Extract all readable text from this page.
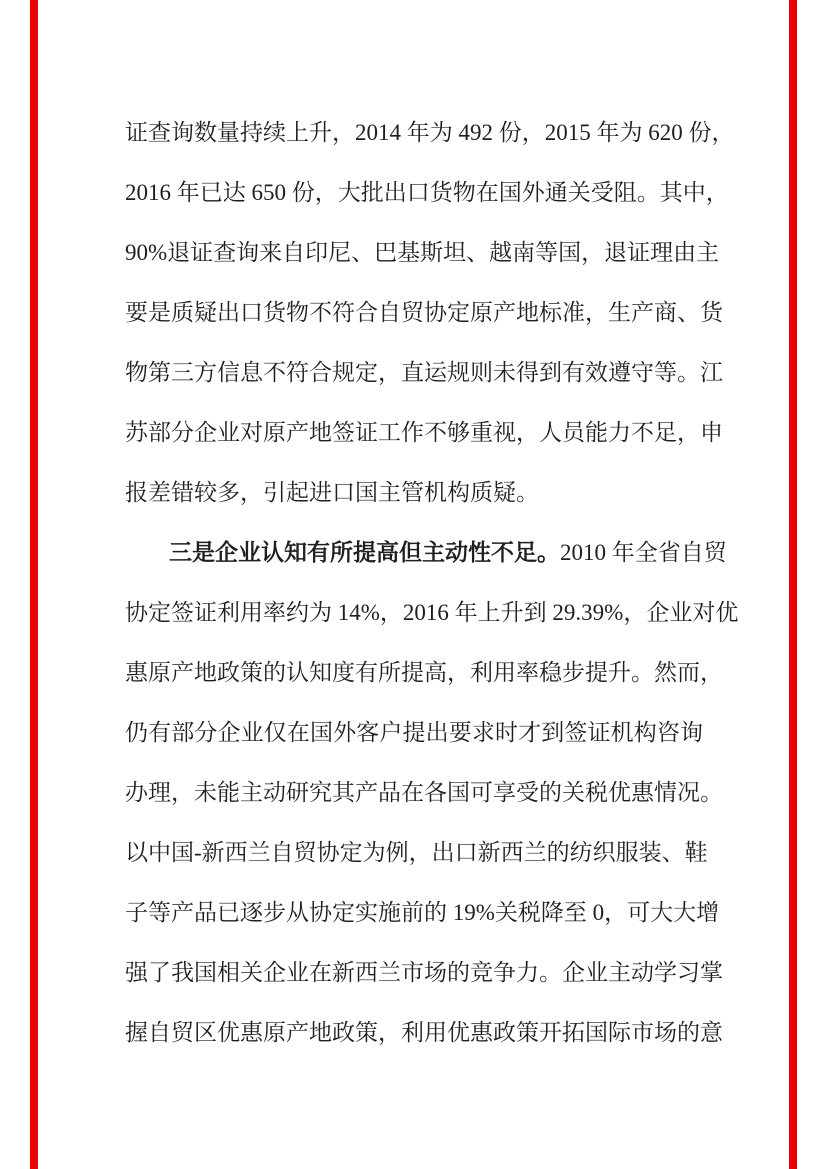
证查询数量持续上升，2014 年为 492 份，2015 年为 620 份，
2016 年已达 650 份，大批出口货物在国外通关受阻。其中，
90%退证查询来自印尼、巴基斯坦、越南等国，退证理由主
要是质疑出口货物不符合自贸协定原产地标准，生产商、货
物第三方信息不符合规定，直运规则未得到有效遵守等。江
苏部分企业对原产地签证工作不够重视，人员能力不足，申
报差错较多，引起进口国主管机构质疑。
三是企业认知有所提高但主动性不足。2010 年全省自贸
协定签证利用率约为 14%，2016 年上升到 29.39%，企业对优
惠原产地政策的认知度有所提高，利用率稳步提升。然而，
仍有部分企业仅在国外客户提出要求时才到签证机构咨询
办理，未能主动研究其产品在各国可享受的关税优惠情况。
以中国-新西兰自贸协定为例，出口新西兰的纺织服装、鞋
子等产品已逐步从协定实施前的 19%关税降至 0，可大大增
强了我国相关企业在新西兰市场的竞争力。企业主动学习掌
握自贸区优惠原产地政策，利用优惠政策开拓国际市场的意
